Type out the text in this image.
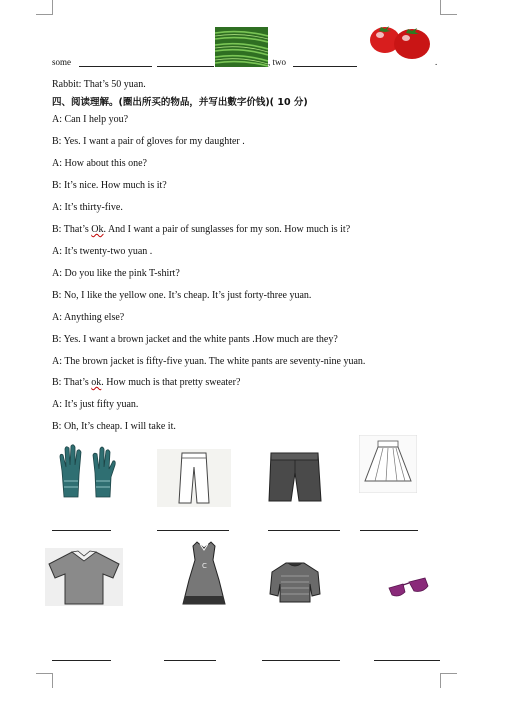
some	, two	.
Rabbit: That’s 50 yuan.
四、阅读理解。(圈出所买的物品，并写出數字价钱)( 10 分)
A: Can I help you?
B: Yes. I want a pair of gloves for my daughter .
A: How about this one?
B: It’s nice. How much is it?
A: It’s thirty-five.
B: That’s Ok. And I want a pair of sunglasses for my son. How much is it?
A: It’s twenty-two yuan .
A: Do you like the pink T-shirt?
B: No, I like the yellow one. It’s cheap. It’s just forty-three yuan.
A: Anything else?
B: Yes. I want a brown jacket and the white pants .How much are they?
A: The brown jacket is fifty-five yuan. The white pants are seventy-nine yuan.
B: That’s ok. How much is that pretty sweater?
A: It’s just fifty yuan.
B: Oh, It’s cheap. I will take it.
C
